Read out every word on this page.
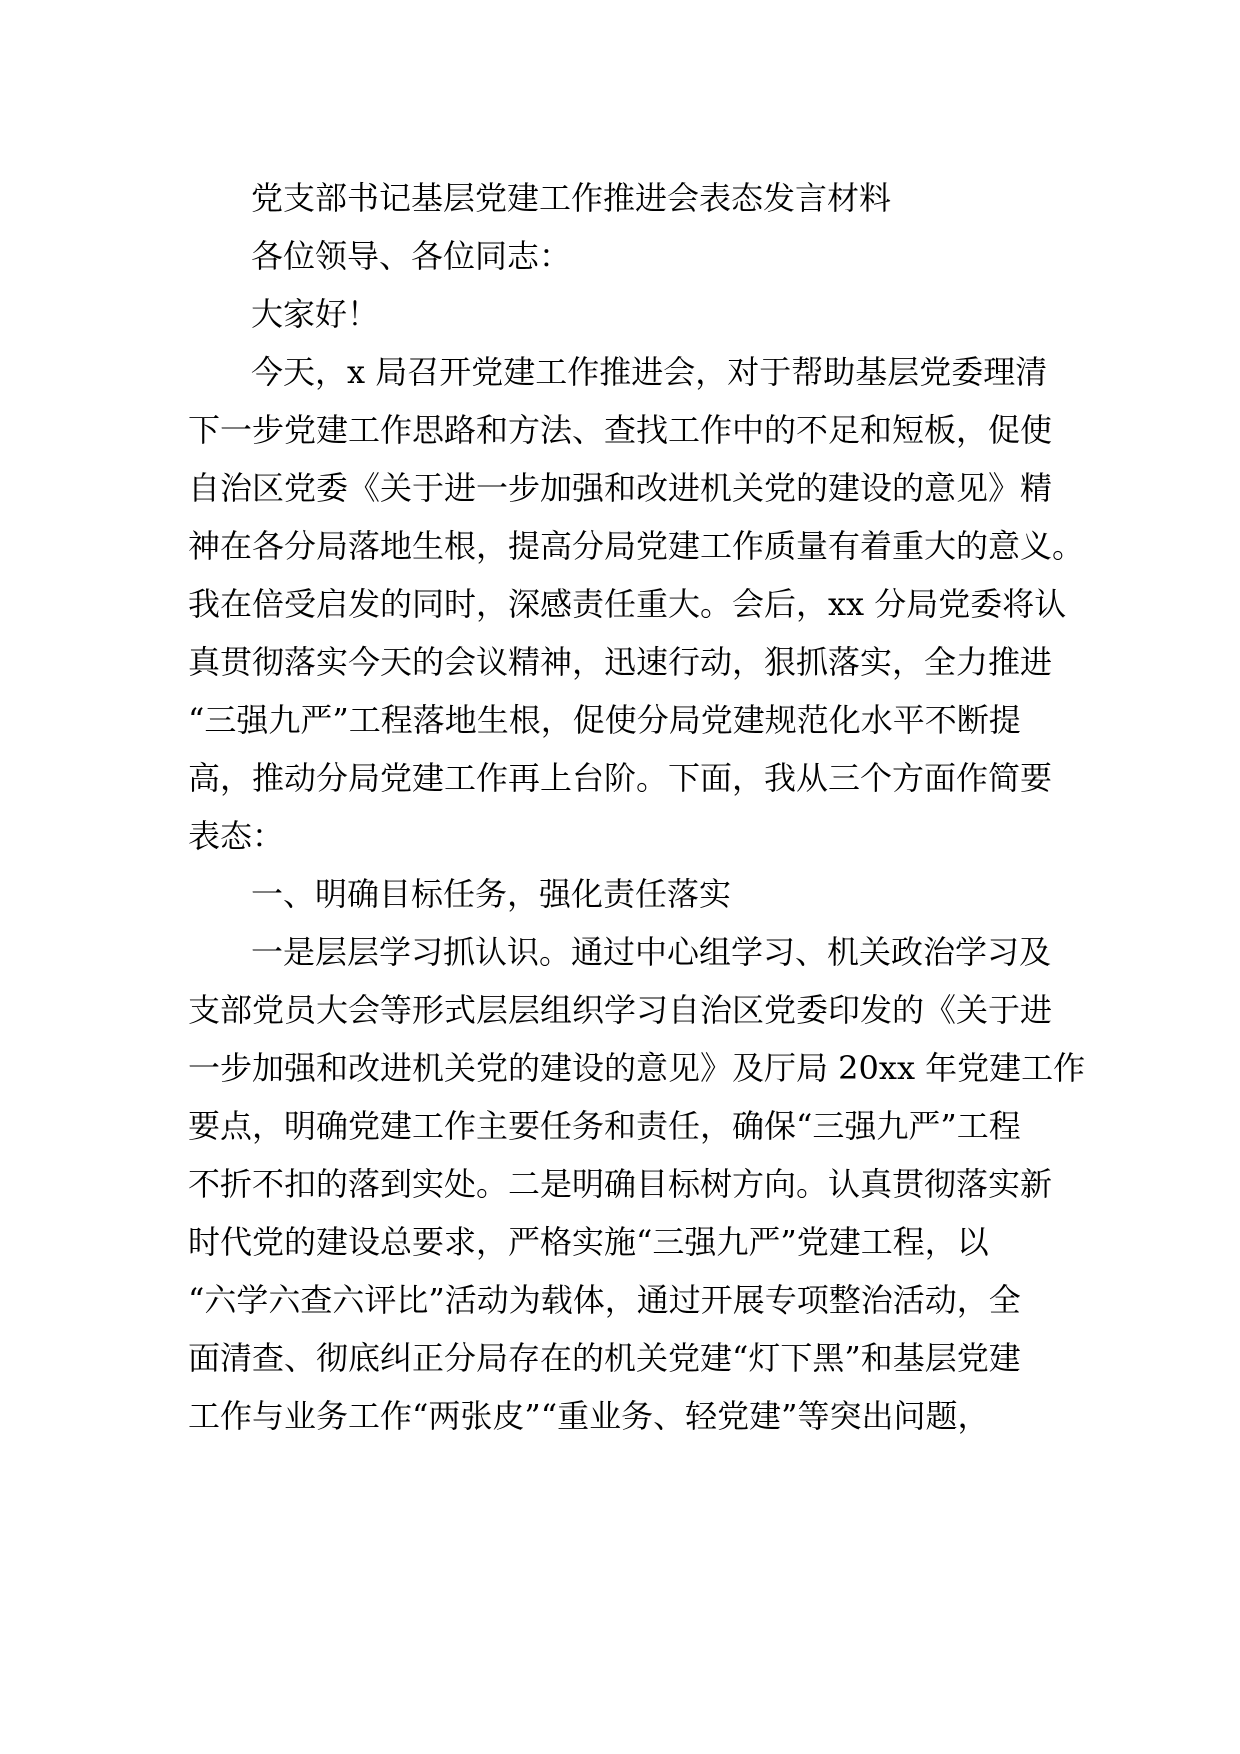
党支部书记基层党建工作推进会表态发言材料
各位领导、各位同志：
大家好！
今天，x 局召开党建工作推进会，对于帮助基层党委理清
下一步党建工作思路和方法、查找工作中的不足和短板，促使
自治区党委《关于进一步加强和改进机关党的建设的意见》精
神在各分局落地生根，提高分局党建工作质量有着重大的意义。
我在倍受启发的同时，深感责任重大。会后，xx 分局党委将认
真贯彻落实今天的会议精神，迅速行动，狠抓落实，全力推进
“三强九严”工程落地生根，促使分局党建规范化水平不断提
高，推动分局党建工作再上台阶。下面，我从三个方面作简要
表态：
一、明确目标任务，强化责任落实
一是层层学习抓认识。通过中心组学习、机关政治学习及
支部党员大会等形式层层组织学习自治区党委印发的《关于进
一步加强和改进机关党的建设的意见》及厅局 20xx 年党建工作
要点，明确党建工作主要任务和责任，确保“三强九严”工程
不折不扣的落到实处。二是明确目标树方向。认真贯彻落实新
时代党的建设总要求，严格实施“三强九严”党建工程，以
“六学六查六评比”活动为载体，通过开展专项整治活动，全
面清查、彻底纠正分局存在的机关党建“灯下黑”和基层党建
工作与业务工作“两张皮”“重业务、轻党建”等突出问题，
